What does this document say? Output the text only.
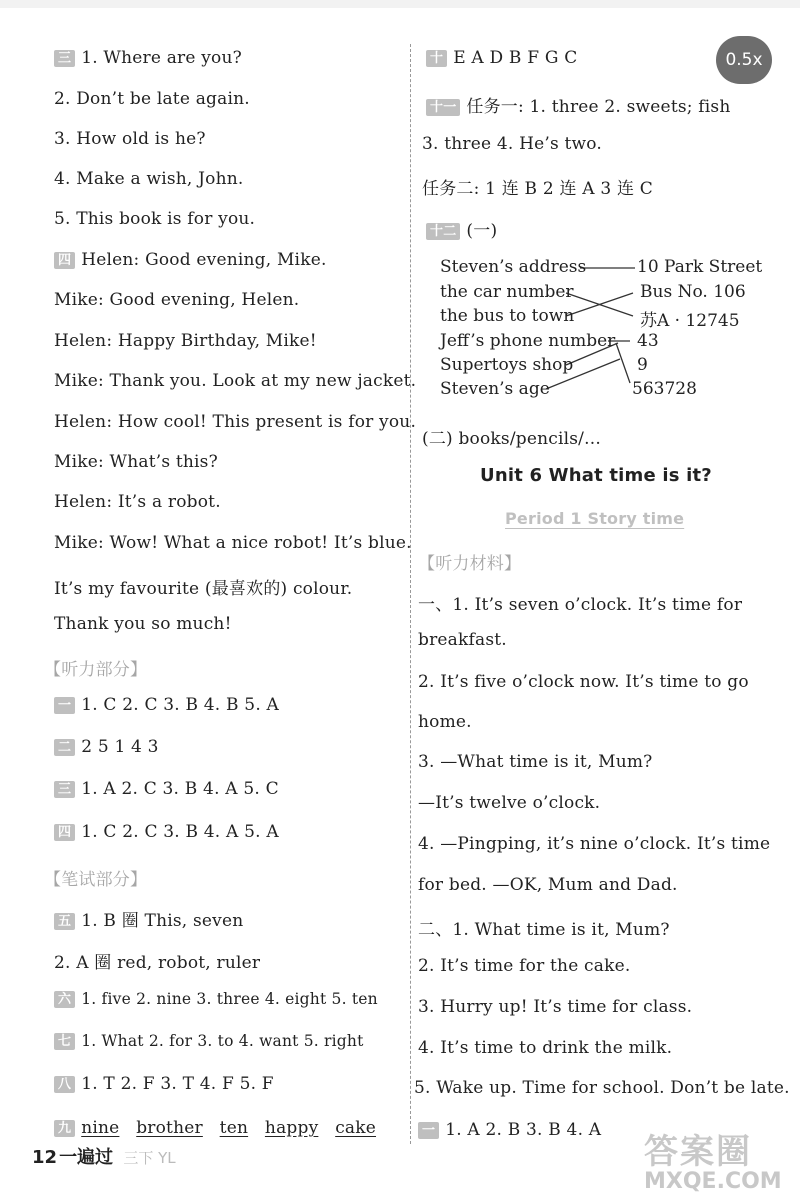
三 1. Where are you?
2. Don’t be late again.
3. How old is he?
4. Make a wish, John.
5. This book is for you.
四 Helen: Good evening, Mike.
Mike: Good evening, Helen.
Helen: Happy Birthday, Mike!
Mike: Thank you. Look at my new jacket.
Helen: How cool! This present is for you.
Mike: What’s this?
Helen: It’s a robot.
Mike: Wow! What a nice robot! It’s blue.
It’s my favourite (最喜欢的) colour.
Thank you so much!
【听力部分】
一 1. C 2. C 3. B 4. B 5. A
二 2 5 1 4 3
三 1. A 2. C 3. B 4. A 5. C
四 1. C 2. C 3. B 4. A 5. A
【笔试部分】
五 1. B 圈 This, seven
2. A 圈 red, robot, ruler
六 1. five 2. nine 3. three 4. eight 5. ten
七 1. What 2. for 3. to 4. want 5. right
八 1. T 2. F 3. T 4. F 5. F
九 nine brother ten happy cake
十 E A D B F G C
十一 任务一: 1. three 2. sweets; fish
3. three 4. He’s two.
任务二: 1 连 B 2 连 A 3 连 C
十二 (一)
Steven’s address
the car number
the bus to town
Jeff’s phone number
Supertoys shop
Steven’s age
10 Park Street
Bus No. 106
苏A · 12745
43
9
563728
(二) books/pencils/...
Unit 6 What time is it?
Period 1 Story time
【听力材料】
一、1. It’s seven o’clock. It’s time for
breakfast.
2. It’s five o’clock now. It’s time to go
home.
3. —What time is it, Mum?
—It’s twelve o’clock.
4. —Pingping, it’s nine o’clock. It’s time
for bed. —OK, Mum and Dad.
二、1. What time is it, Mum?
2. It’s time for the cake.
3. Hurry up! It’s time for class.
4. It’s time to drink the milk.
5. Wake up. Time for school. Don’t be late.
一 1. A 2. B 3. B 4. A
0.5x
12 一遍过 三下 YL	答案圈
MXQE.COM
